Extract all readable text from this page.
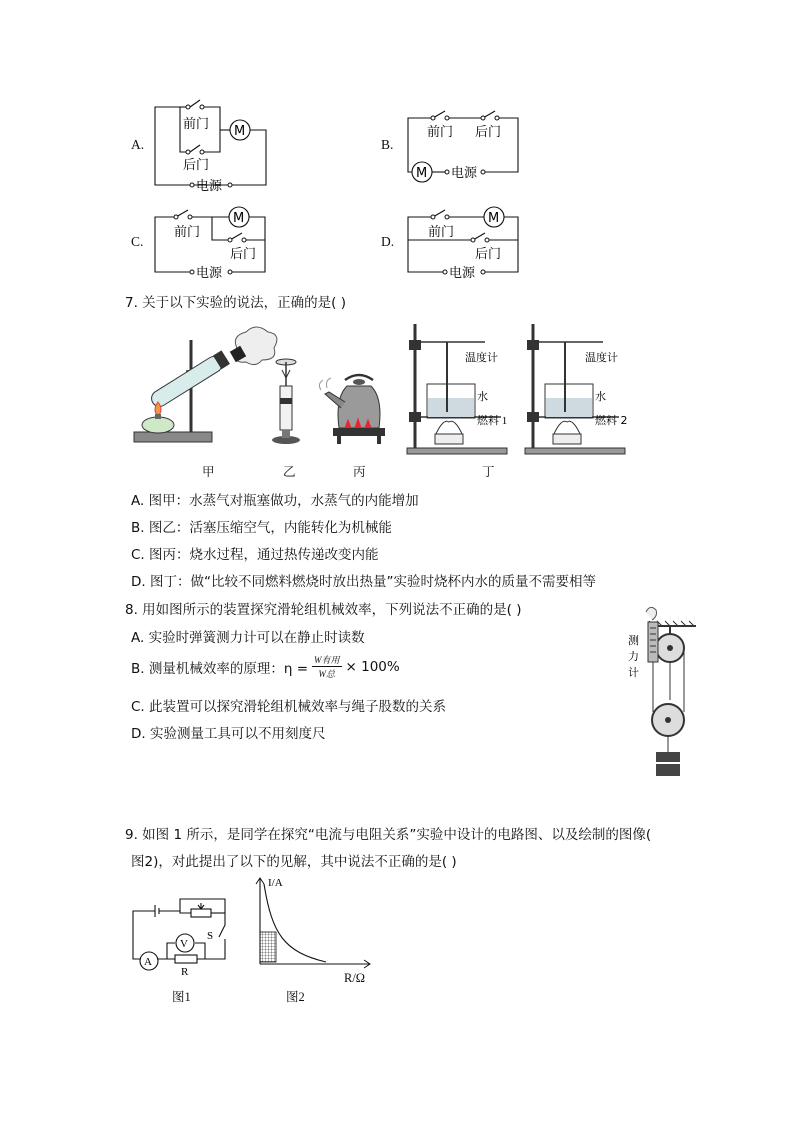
A.
M
前门
后门
电源
B.
M
前门 后门
电源
C.
M
前门
后门
电源
D.
M
前门
后门
电源
7. 关于以下实验的说法，正确的是( )
温度计
水
燃料 1
温度计
水
燃料 2
甲	乙	丙	丁
A. 图甲：水蒸气对瓶塞做功，水蒸气的内能增加
B. 图乙：活塞压缩空气，内能转化为机械能
C. 图丙：烧水过程，通过热传递改变内能
D. 图丁：做“比较不同燃料燃烧时放出热量”实验时烧杯内水的质量不需要相等
8. 用如图所示的装置探究滑轮组机械效率，下列说法不正确的是( )
A. 实验时弹簧测力计可以在静止时读数
B. 测量机械效率的原理：η =
W有用
W总 × 100%
C. 此装置可以探究滑轮组机械效率与绳子股数的关系
D. 实验测量工具可以不用刻度尺
测
力
计
9. 如图 1 所示，是同学在探究“电流与电阻关系”实验中设计的电路图、以及绘制的图像(
图2)，对此提出了以下的见解，其中说法不正确的是( )
V
A
S
R
图1
I/A
R/Ω
图2
